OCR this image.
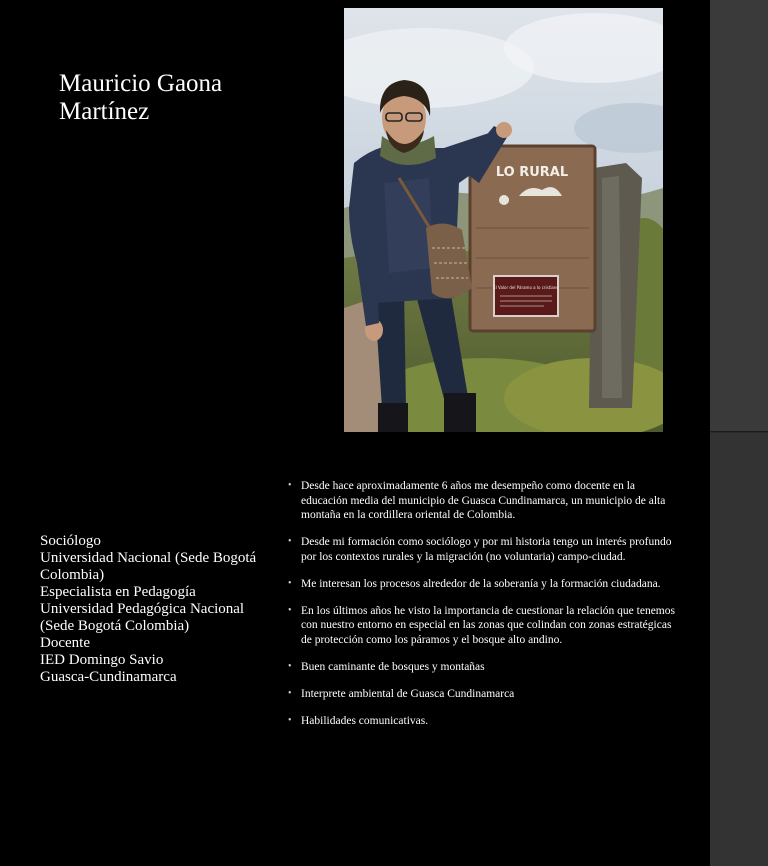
Mauricio Gaona
Martínez
LO RURAL
El Valor del Páramo a lo cristiano
Sociólogo
Universidad Nacional (Sede Bogotá Colombia)
Especialista en Pedagogía
Universidad Pedagógica Nacional (Sede Bogotá Colombia)
Docente
IED Domingo Savio
Guasca-Cundinamarca
• Desde hace aproximadamente 6 años me desempeño como docente en la educación media del municipio de Guasca Cundinamarca, un municipio de alta montaña en la cordillera oriental de Colombia.
• Desde mi formación como sociólogo y por mi historia tengo un interés profundo por los contextos rurales y la migración (no voluntaria) campo-ciudad.
• Me interesan los procesos alrededor de la soberanía y la formación ciudadana.
• En los últimos años he visto la importancia de cuestionar la relación que tenemos con nuestro entorno en especial en las zonas que colindan con zonas estratégicas de protección como los páramos y el bosque alto andino.
• Buen caminante de bosques y montañas
• Interprete ambiental de Guasca Cundinamarca
• Habilidades comunicativas.
